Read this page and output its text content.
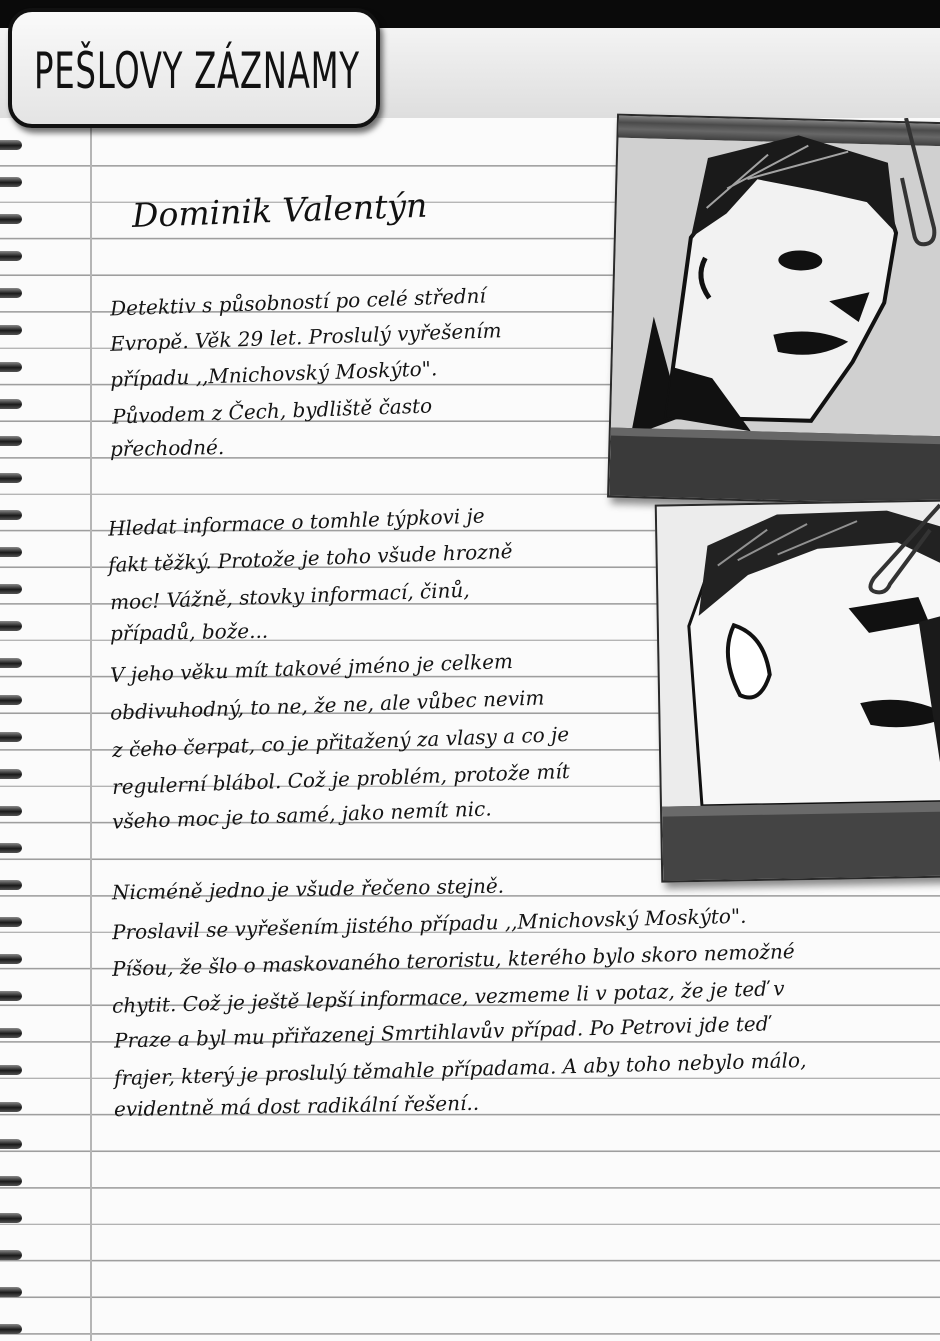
PEŠLOVY ZÁZNAMY
Dominik Valentýn
Detektiv s působností po celé střední
Evropě. Věk 29 let. Proslulý vyřešením
případu ,,Mnichovský Moskýto".
Původem z Čech, bydliště často
přechodné.
Hledat informace o tomhle týpkovi je
fakt těžký. Protože je toho všude hrozně
moc! Vážně, stovky informací, činů,
případů, bože...
V jeho věku mít takové jméno je celkem
obdivuhodný, to ne, že ne, ale vůbec nevim
z čeho čerpat, co je přitažený za vlasy a co je
regulerní blábol. Což je problém, protože mít
všeho moc je to samé, jako nemít nic.
Nicméně jedno je všude řečeno stejně.
Proslavil se vyřešením jistého případu ,,Mnichovský Moskýto".
Píšou, že šlo o maskovaného teroristu, kterého bylo skoro nemožné
chytit. Což je ještě lepší informace, vezmeme li v potaz, že je teď v
Praze a byl mu přiřazenej Smrtihlavův případ. Po Petrovi jde teď
frajer, který je proslulý těmahle případama. A aby toho nebylo málo,
evidentně má dost radikální řešení..
